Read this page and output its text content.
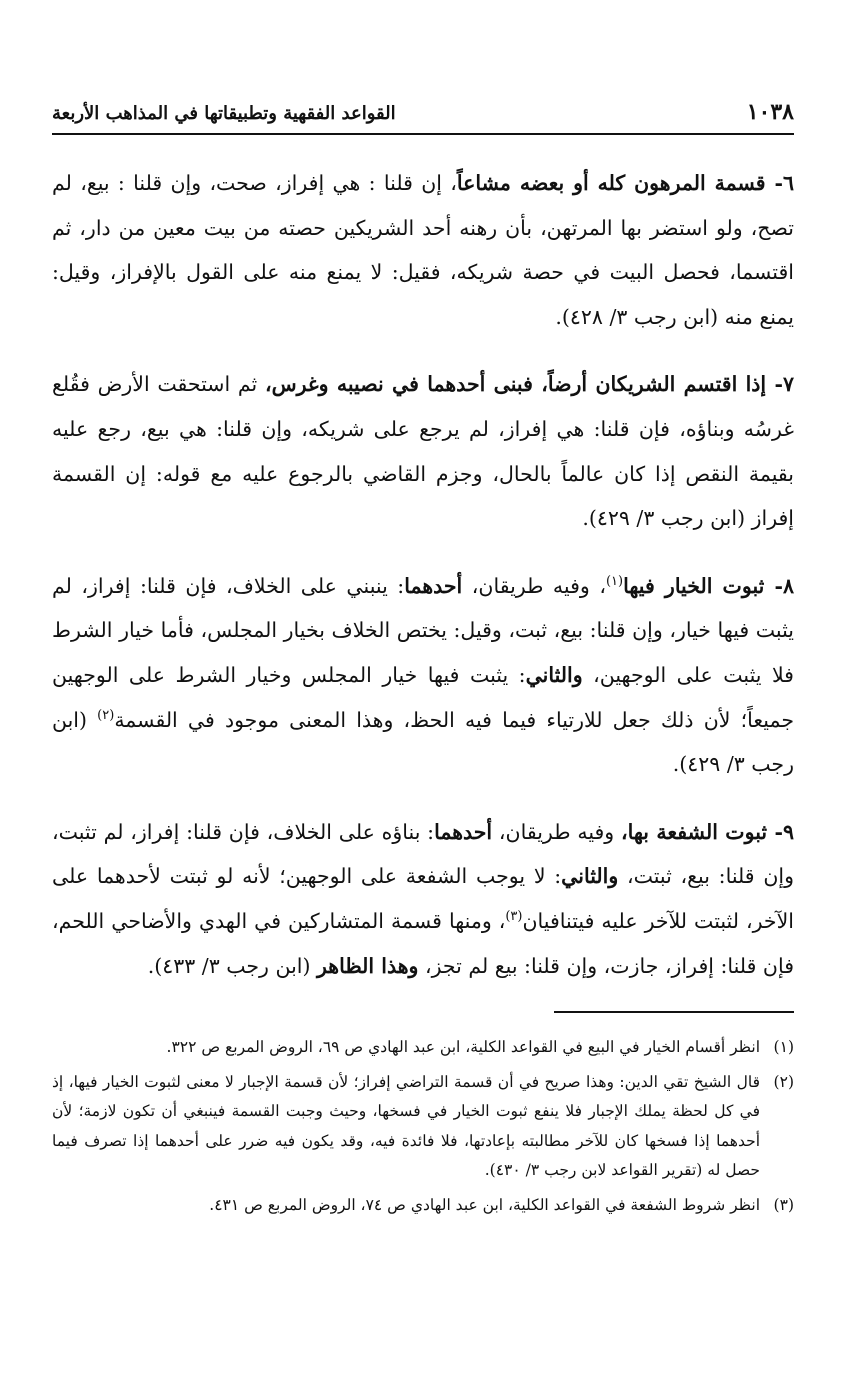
١٠٣٨
القواعد الفقهية وتطبيقاتها في المذاهب الأربعة

٦- قسمة المرهون كله أو بعضه مشاعاً، إن قلنا : هي إفراز، صحت، وإن قلنا : بيع، لم تصح، ولو استضر بها المرتهن، بأن رهنه أحد الشريكين حصته من بيت معين من دار، ثم اقتسما، فحصل البيت في حصة شريكه، فقيل: لا يمنع منه على القول بالإفراز، وقيل: يمنع منه (ابن رجب ٣/ ٤٢٨).

٧- إذا اقتسم الشريكان أرضاً، فبنى أحدهما في نصيبه وغرس، ثم استحقت الأرض فقُلع غرسُه وبناؤه، فإن قلنا: هي إفراز، لم يرجع على شريكه، وإن قلنا: هي بيع، رجع عليه بقيمة النقص إذا كان عالماً بالحال، وجزم القاضي بالرجوع عليه مع قوله: إن القسمة إفراز (ابن رجب ٣/ ٤٢٩).

٨- ثبوت الخيار فيها$^{(١)}$، وفيه طريقان، أحدهما: ينبني على الخلاف، فإن قلنا: إفراز، لم يثبت فيها خيار، وإن قلنا: بيع، ثبت، وقيل: يختص الخلاف بخيار المجلس، فأما خيار الشرط فلا يثبت على الوجهين، والثاني: يثبت فيها خيار المجلس وخيار الشرط على الوجهين جميعاً؛ لأن ذلك جعل للارتياء فيما فيه الحظ، وهذا المعنى موجود في القسمة$^{(٢)}$ (ابن رجب ٣/ ٤٢٩).

٩- ثبوت الشفعة بها، وفيه طريقان، أحدهما: بناؤه على الخلاف، فإن قلنا: إفراز، لم تثبت، وإن قلنا: بيع، ثبتت، والثاني: لا يوجب الشفعة على الوجهين؛ لأنه لو ثبتت لأحدهما على الآخر، لثبتت للآخر عليه فيتنافيان$^{(٣)}$، ومنها قسمة المتشاركين في الهدي والأضاحي اللحم، فإن قلنا: إفراز، جازت، وإن قلنا: بيع لم تجز، وهذا الظاهر (ابن رجب ٣/ ٤٣٣).

(١)
انظر أقسام الخيار في البيع في القواعد الكلية، ابن عبد الهادي ص ٦٩، الروض المربع ص ٣٢٢.
(٢)
قال الشيخ تقي الدين: وهذا صريح في أن قسمة التراضي إفراز؛ لأن قسمة الإجبار لا معنى لثبوت الخيار فيها، إذ في كل لحظة يملك الإجبار فلا ينفع ثبوت الخيار في فسخها، وحيث وجبت القسمة فينبغي أن تكون لازمة؛ لأن أحدهما إذا فسخها كان للآخر مطالبته بإعادتها، فلا فائدة فيه، وقد يكون فيه ضرر على أحدهما إذا تصرف فيما حصل له (تقرير القواعد لابن رجب ٣/ ٤٣٠).
(٣)
انظر شروط الشفعة في القواعد الكلية، ابن عبد الهادي ص ٧٤، الروض المربع ص ٤٣١.
